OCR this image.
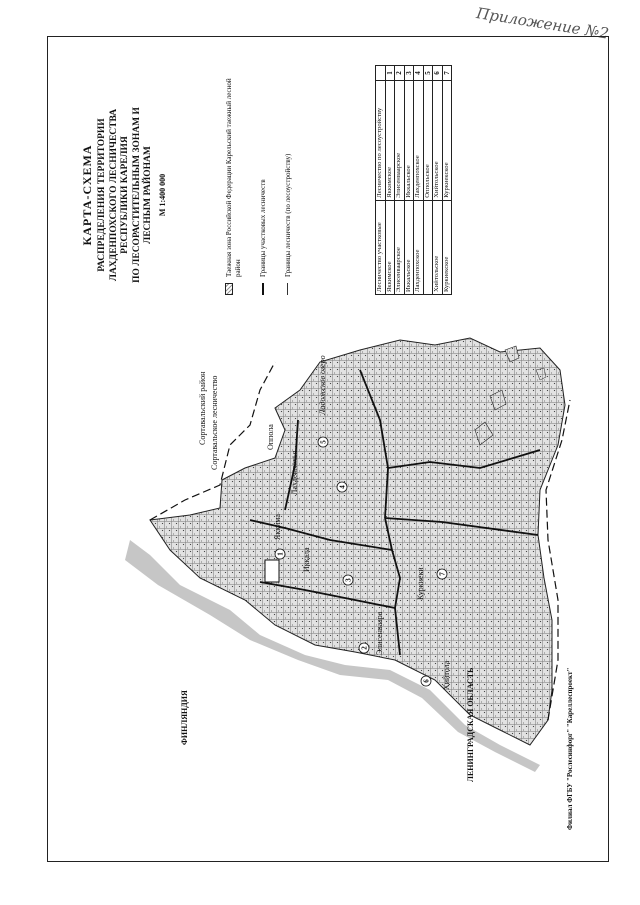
Приложение №2
1
2
3
4
5
6
7
Сортавальский район Сортавальское лесничество
ФИНЛЯНДИЯ	ЛЕНИНГРАДСКАЯ ОБЛАСТЬ
Ладожское озеро
Яккима
Элисенваара
Иккала
Лахденпохья
Оппола
Хийтола
Куркиеки
КАРТА-СХЕМА РАСПРЕДЕЛЕНИЯ ТЕРРИТОРИИ ЛАХДЕНПОХСКОГО ЛЕСНИЧЕСТВА РЕСПУБЛИКИ КАРЕЛИЯ ПО ЛЕСОРАСТИТЕЛЬНЫМ ЗОНАМ И ЛЕСНЫМ РАЙОНАМ М 1:400 000	Таежная зона Российской Федерации Карельский таежный лесной район Границы участковых лесничеств Границы лесничеств (по лесоустройству)	Лесничество участковые	Лесничество по лесоустройству	
Яккимское	Яккимское	1
Элисенваарское	Элисенваарское	2
Иккальское	Иккальское	3
Лахденпохское	Лахденпохское	4
	Оппольское	5
Хийтольское	Хийтольское	6
Куркиекское	Куркиекское	7
Филиал ФГБУ "Рослесинфорг" "Кареллеспроект"
